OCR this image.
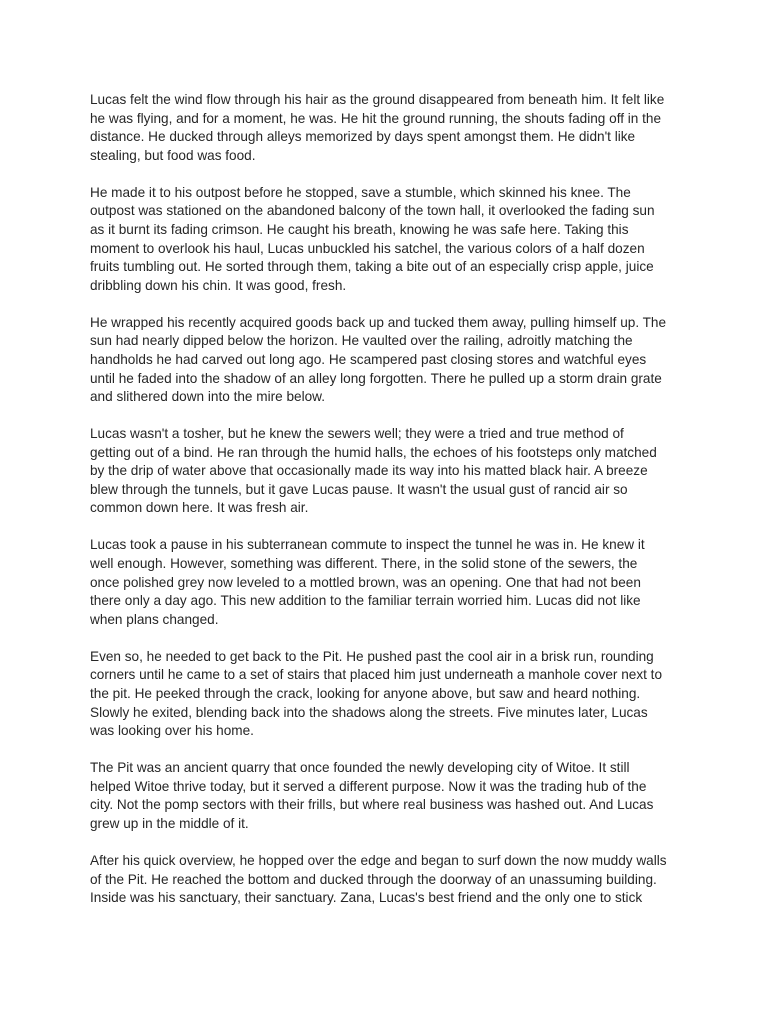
Lucas felt the wind flow through his hair as the ground disappeared from beneath him. It felt like
he was flying, and for a moment, he was. He hit the ground running, the shouts fading off in the
distance. He ducked through alleys memorized by days spent amongst them. He didn't like
stealing, but food was food.

He made it to his outpost before he stopped, save a stumble, which skinned his knee. The
outpost was stationed on the abandoned balcony of the town hall, it overlooked the fading sun
as it burnt its fading crimson. He caught his breath, knowing he was safe here. Taking this
moment to overlook his haul, Lucas unbuckled his satchel, the various colors of a half dozen
fruits tumbling out. He sorted through them, taking a bite out of an especially crisp apple, juice
dribbling down his chin. It was good, fresh.

He wrapped his recently acquired goods back up and tucked them away, pulling himself up. The
sun had nearly dipped below the horizon. He vaulted over the railing, adroitly matching the
handholds he had carved out long ago. He scampered past closing stores and watchful eyes
until he faded into the shadow of an alley long forgotten. There he pulled up a storm drain grate
and slithered down into the mire below.

Lucas wasn't a tosher, but he knew the sewers well; they were a tried and true method of
getting out of a bind. He ran through the humid halls, the echoes of his footsteps only matched
by the drip of water above that occasionally made its way into his matted black hair. A breeze
blew through the tunnels, but it gave Lucas pause. It wasn't the usual gust of rancid air so
common down here. It was fresh air.

Lucas took a pause in his subterranean commute to inspect the tunnel he was in. He knew it
well enough. However, something was different. There, in the solid stone of the sewers, the
once polished grey now leveled to a mottled brown, was an opening. One that had not been
there only a day ago. This new addition to the familiar terrain worried him. Lucas did not like
when plans changed.

Even so, he needed to get back to the Pit. He pushed past the cool air in a brisk run, rounding
corners until he came to a set of stairs that placed him just underneath a manhole cover next to
the pit. He peeked through the crack, looking for anyone above, but saw and heard nothing.
Slowly he exited, blending back into the shadows along the streets. Five minutes later, Lucas
was looking over his home.

The Pit was an ancient quarry that once founded the newly developing city of Witoe. It still
helped Witoe thrive today, but it served a different purpose. Now it was the trading hub of the
city. Not the pomp sectors with their frills, but where real business was hashed out. And Lucas
grew up in the middle of it.

After his quick overview, he hopped over the edge and began to surf down the now muddy walls
of the Pit. He reached the bottom and ducked through the doorway of an unassuming building.
Inside was his sanctuary, their sanctuary. Zana, Lucas's best friend and the only one to stick
